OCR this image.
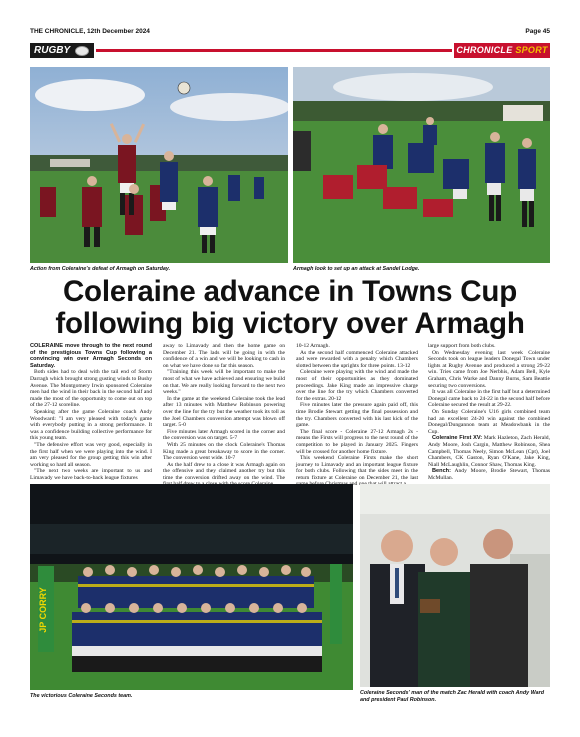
THE CHRONICLE, 12th December 2024	Page 45
RUGBY	CHRONICLE SPORT
Action from Coleraine's defeat of Armagh on Saturday.	Armagh look to set up an attack at Sandel Lodge.
Coleraine advance in Towns Cup following big victory over Armagh

COLERAINE move through to the next round of the prestigious Towns Cup following a convincing win over Armagh Seconds on Saturday.

Both sides had to deal with the tail end of Storm Darragh which brought strong gusting winds to Bushy Avenue. The Montgomery Irwin sponsored Coleraine men had the wind in their back in the second half and made the most of the opportunity to come out on top of the 27-12 scoreline.

Speaking after the game Coleraine coach Andy Woodward: "I am very pleased with today's game with everybody putting in a strong performance. It was a confidence building collective performance for this young team.

"The defensive effort was very good, especially in the first half when we were playing into the wind. I am very pleased for the group getting this win after working so hard all season.

"The next two weeks are important to us and Limavady we have back-to-back league fixtures

away to Limavady and then the home game on December 21. The lads will be going in with the confidence of a win and we will be looking to cash in on what we have done so far this season.

"Training this week will be important to make the most of what we have achieved and ensuring we build on that. We are really looking forward to the next two weeks."

In the game at the weekend Coleraine took the lead after 13 minutes with Matthew Robinson powering over the line for the try but the weather took its toll as the Joel Chambers conversion attempt was blown off target. 5-0

Five minutes later Armagh scored in the corner and the conversion was on target. 5-7

With 25 minutes on the clock Coleraine's Thomas King made a great breakaway to score in the corner. The conversion went wide. 10-7

As the half drew to a close it was Armagh again on the offensive and they claimed another try but this time the conversion drifted away on the wind. The

10-12 Armagh.

As the second half commenced Coleraine attacked and were rewarded with a penalty which Chambers slotted between the uprights for three points. 13-12

Coleraine were playing with the wind and made the most of their opportunities as they dominated proceedings. Jake King made an impressive charge over the line for the try which Chambers converted for the extras. 20-12

Five minutes later the pressure again paid off, this time Brodie Stewart getting the final possession and the try. Chambers converted with his last kick of the game.

The final score - Coleraine 27-12 Armagh 2s - means the Firsts will progress to the next round of the competition to be played in January 2025. Fingers will be crossed for another home fixture.

This weekend Coleraine Firsts make the short journey to Limavady and an important league fixture for both clubs. Following that the sides meet in the return fixture at Coleraine on December 21, the last and

large support from both clubs.

On Wednesday evening last week Coleraine Seconds took on league leaders Donegal Town under lights at Rugby Avenue and produced a strong 29-22 win. Tries came from Joe Nerbhis, Adam Bell, Kyle Graham, Chris Warke and Danny Burns, Sam Beattie securing two conversions.

It was all Coleraine in the first half but a determined Donegal came back to 24-22 in the second half before Coleraine secured the result at 29-22.

On Sunday Coleraine's U16 girls combined team had an excellent 24-20 win against the combined Donegal/Dungannon team at Meadowbank in the Cup.

Coleraine First XV: Mark Hazleton, Zach Herald, Andy Moore, Josh Cargin, Matthew Robinson, Shea Campbell, Thomas Neely, Simon McLean (Cpt), Joel Chambers, CK Gaston, Ryan O'Kane, Jake King, Niall McLaughlin, Connor Shaw, Thomas King.

Bench: Andy Moore, Brodie Stewart, Thomas McMullan.

JP CORRY
The victorious Coleraine Seconds team.	Coleraine Seconds' man of the match Zac Herald with coach Andy Ward and president Paul Robinson.
